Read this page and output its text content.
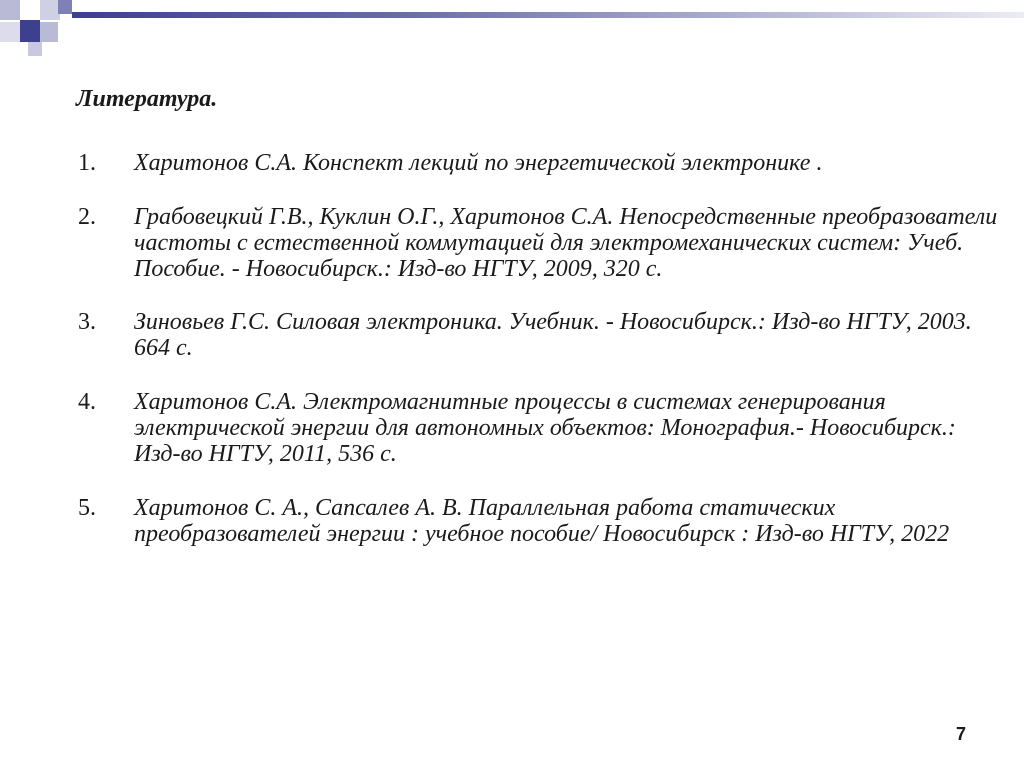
Литература.
1. Харитонов С.А. Конспект лекций по энергетической электронике .
2. Грабовецкий Г.В., Куклин О.Г., Харитонов С.А. Непосредственные преобразователи частоты с естественной коммутацией для электромеханических систем: Учеб. Пособие. - Новосибирск.: Изд-во НГТУ, 2009, 320 с.
3. Зиновьев Г.С. Силовая электроника. Учебник. - Новосибирск.: Изд-во НГТУ, 2003. 664 с.
4. Харитонов С.А. Электромагнитные процессы в системах генерирования электрической энергии для автономных объектов: Монография.- Новосибирск.: Изд-во НГТУ, 2011, 536 с.
5. Харитонов С. А., Сапсалев А. В. Параллельная работа статических преобразователей энергии : учебное пособие/ Новосибирск : Изд-во НГТУ, 2022
7
